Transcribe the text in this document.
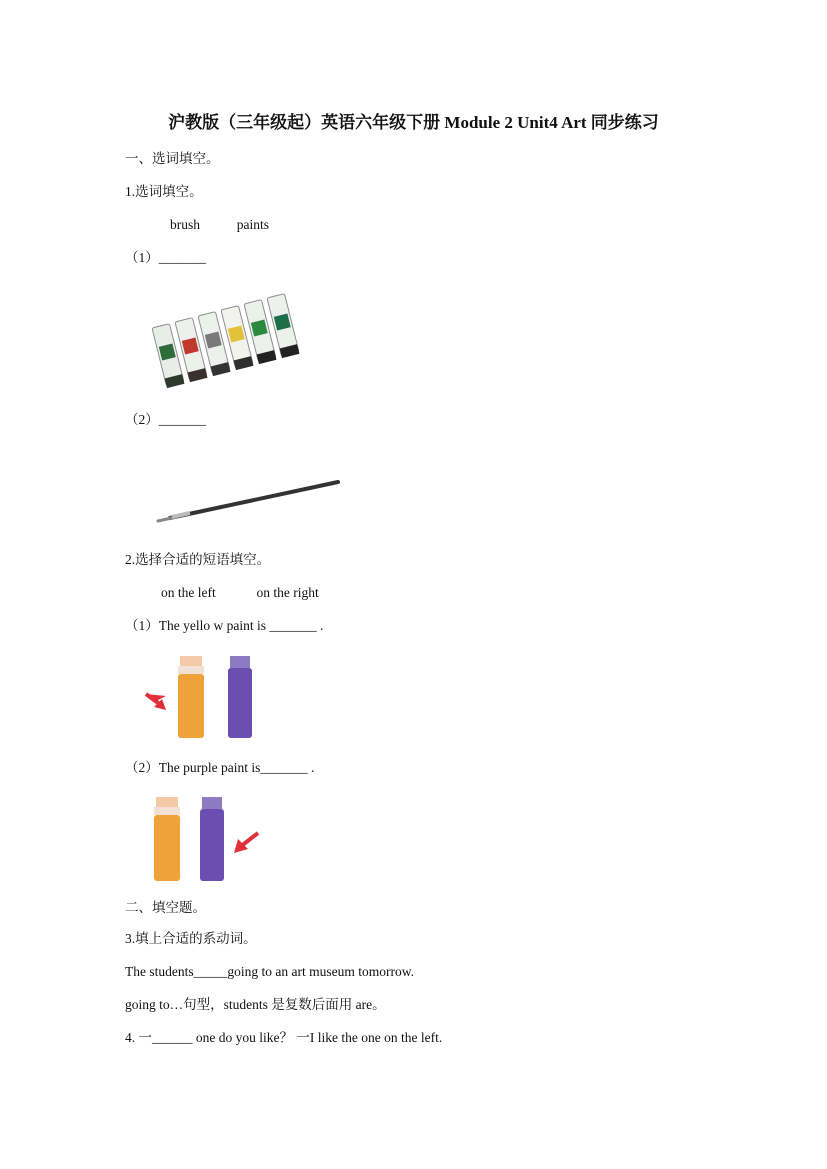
沪教版（三年级起）英语六年级下册 Module 2 Unit4 Art 同步练习
一、选词填空。
1.选词填空。
brush	paints
（1）_______
（2）_______
2.选择合适的短语填空。
on the left	on the right
（1）The yello w paint is _______ .
（2）The purple paint is_______ .
二、填空题。
3.填上合适的系动词。
The students_____going to an art museum tomorrow.
going to…句型，students 是复数后面用 are。
4. 一______ one do you like？ 一I like the one on the left.
